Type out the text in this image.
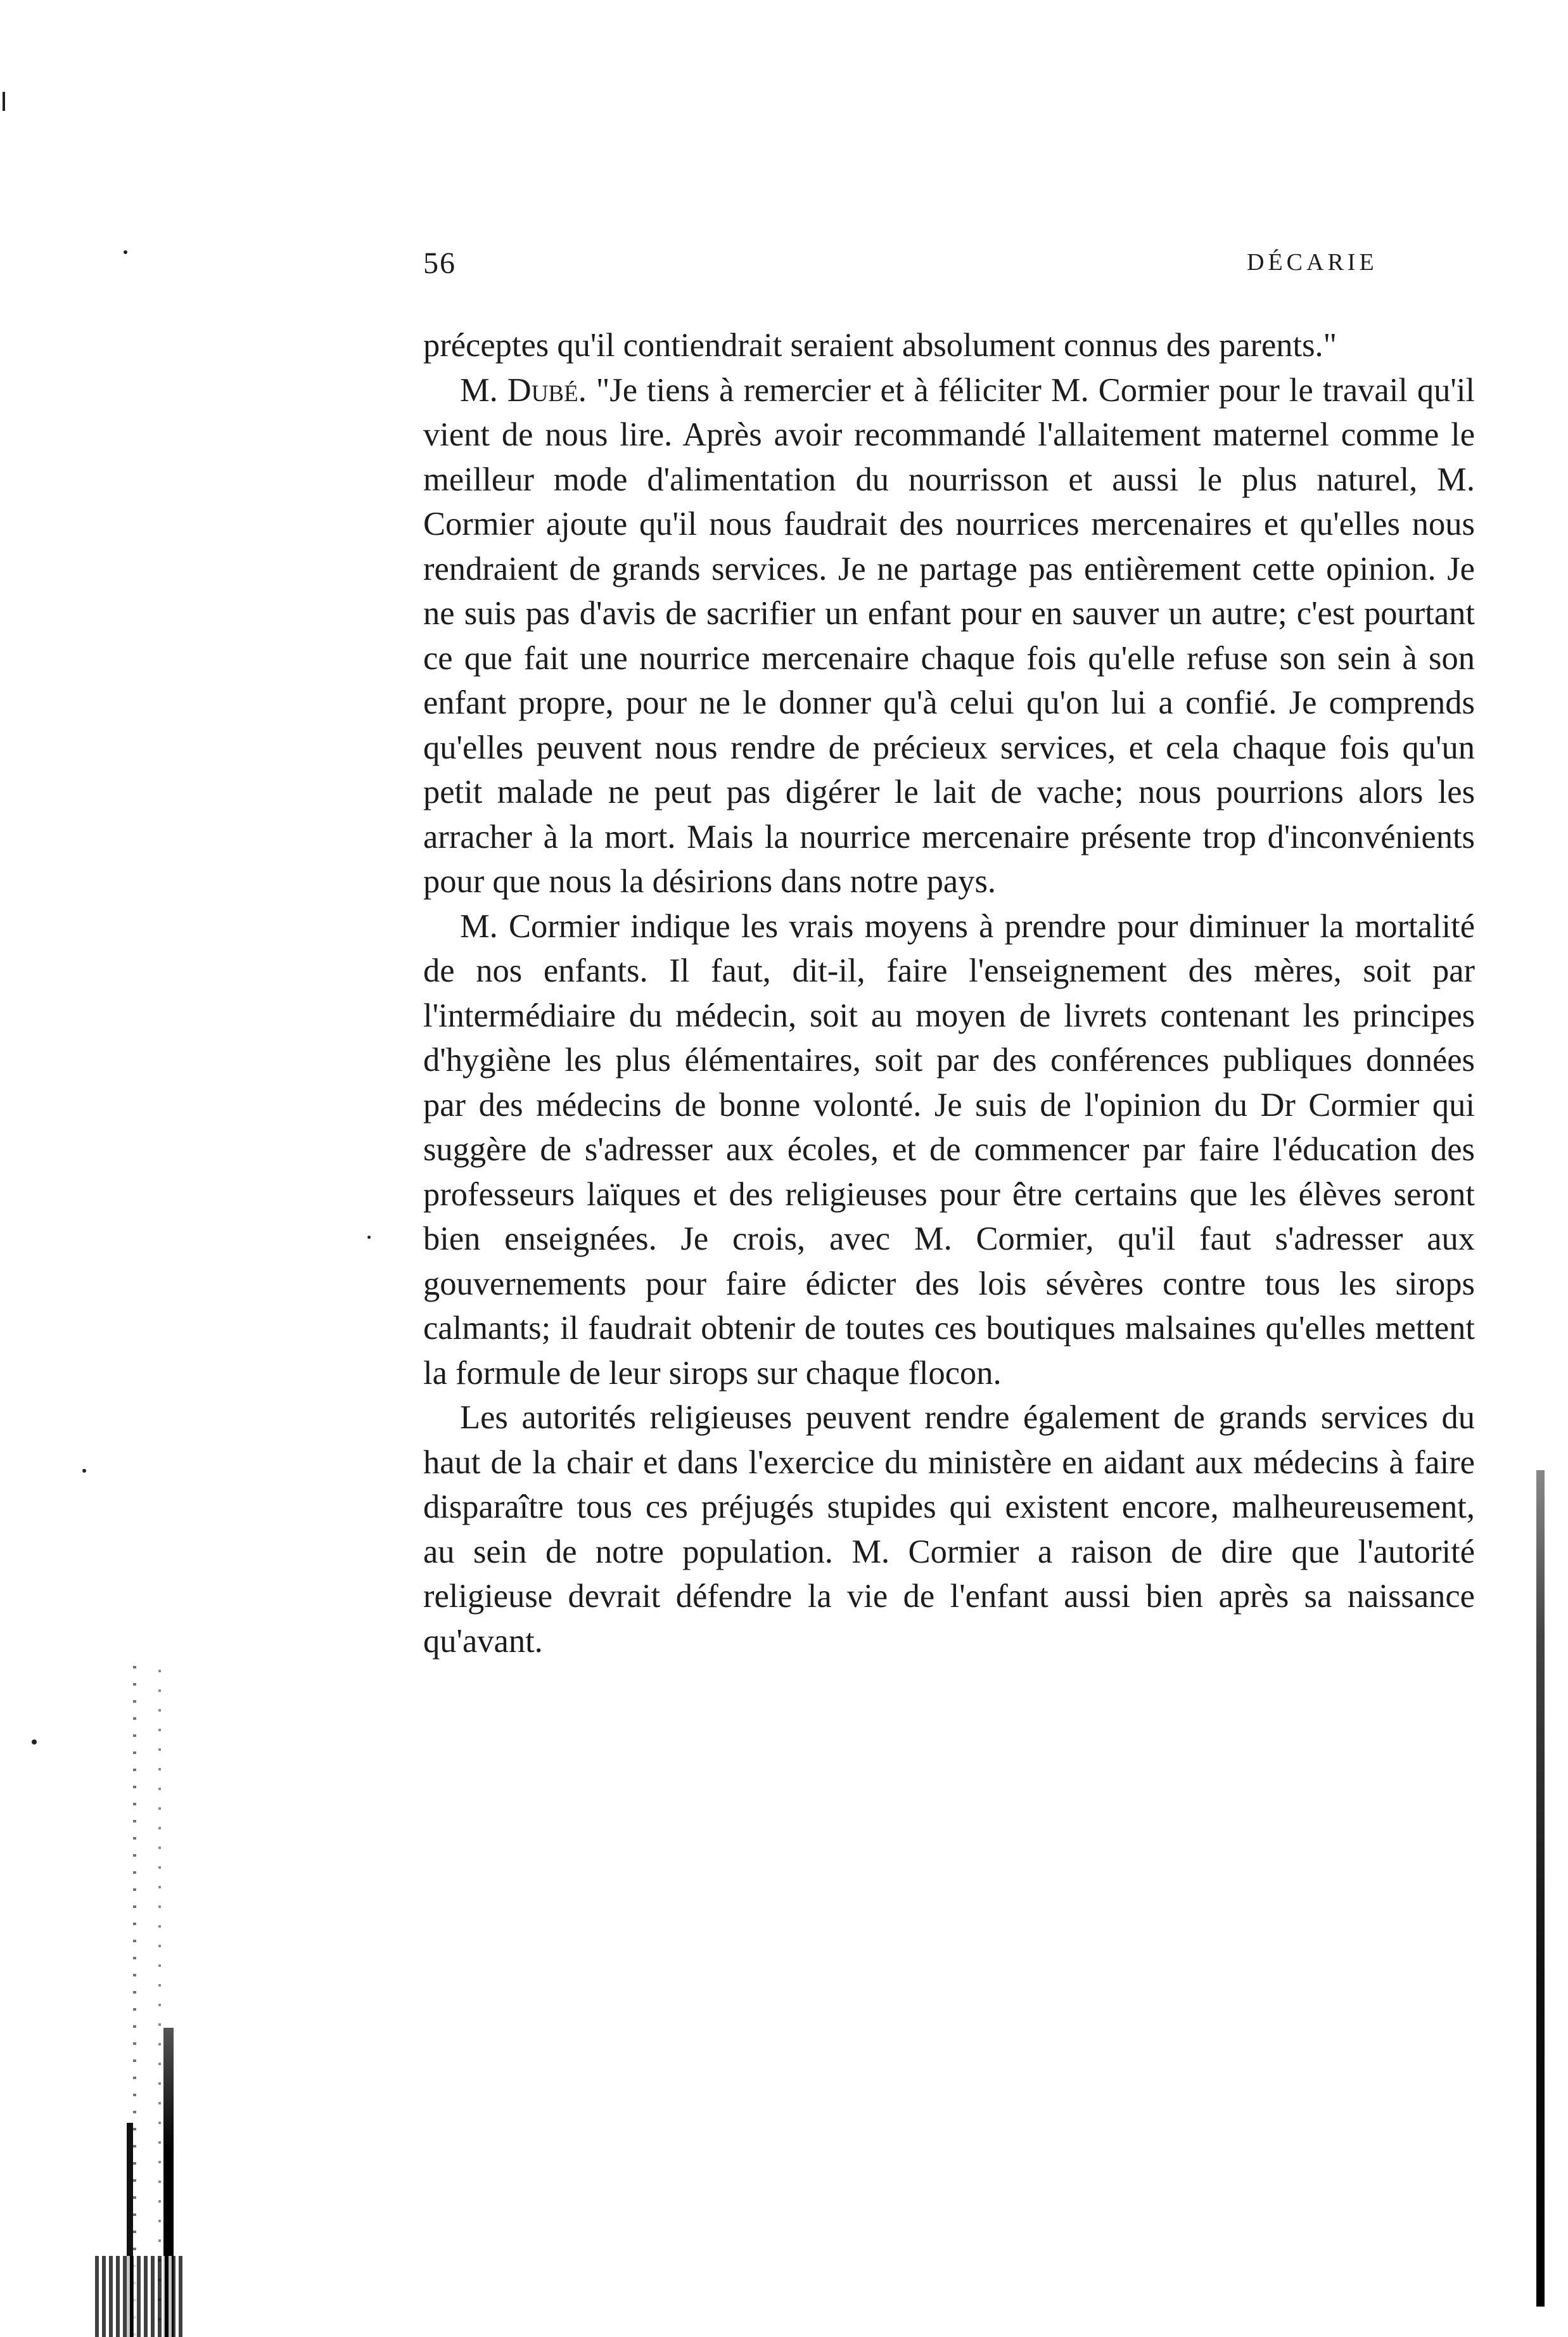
56	DÉCARIE

préceptes qu'il contiendrait seraient absolument connus des parents."

M. Dubé. "Je tiens à remercier et à féliciter M. Cormier pour le travail qu'il vient de nous lire. Après avoir recommandé l'allaitement maternel comme le meilleur mode d'alimentation du nourrisson et aussi le plus naturel, M. Cormier ajoute qu'il nous faudrait des nourrices mercenaires et qu'elles nous rendraient de grands services. Je ne partage pas entièrement cette opinion. Je ne suis pas d'avis de sacrifier un enfant pour en sauver un autre; c'est pourtant ce que fait une nourrice mercenaire chaque fois qu'elle refuse son sein à son enfant propre, pour ne le donner qu'à celui qu'on lui a confié. Je comprends qu'elles peuvent nous rendre de précieux services, et cela chaque fois qu'un petit malade ne peut pas digérer le lait de vache; nous pourrions alors les arracher à la mort. Mais la nourrice mercenaire présente trop d'inconvénients pour que nous la désirions dans notre pays.

M. Cormier indique les vrais moyens à prendre pour diminuer la mortalité de nos enfants. Il faut, dit-il, faire l'enseignement des mères, soit par l'intermédiaire du médecin, soit au moyen de livrets contenant les principes d'hygiène les plus élémentaires, soit par des conférences publiques données par des médecins de bonne volonté. Je suis de l'opinion du Dr Cormier qui suggère de s'adresser aux écoles, et de commencer par faire l'éducation des professeurs laïques et des religieuses pour être certains que les élèves seront bien enseignées. Je crois, avec M. Cormier, qu'il faut s'adresser aux gouvernements pour faire édicter des lois sévères contre tous les sirops calmants; il faudrait obtenir de toutes ces boutiques malsaines qu'elles mettent la formule de leur sirops sur chaque flocon.

Les autorités religieuses peuvent rendre également de grands services du haut de la chair et dans l'exercice du ministère en aidant aux médecins à faire disparaître tous ces préjugés stupides qui existent encore, malheureusement, au sein de notre population. M. Cormier a raison de dire que l'autorité religieuse devrait défendre la vie de l'enfant aussi bien après sa naissance qu'avant.
